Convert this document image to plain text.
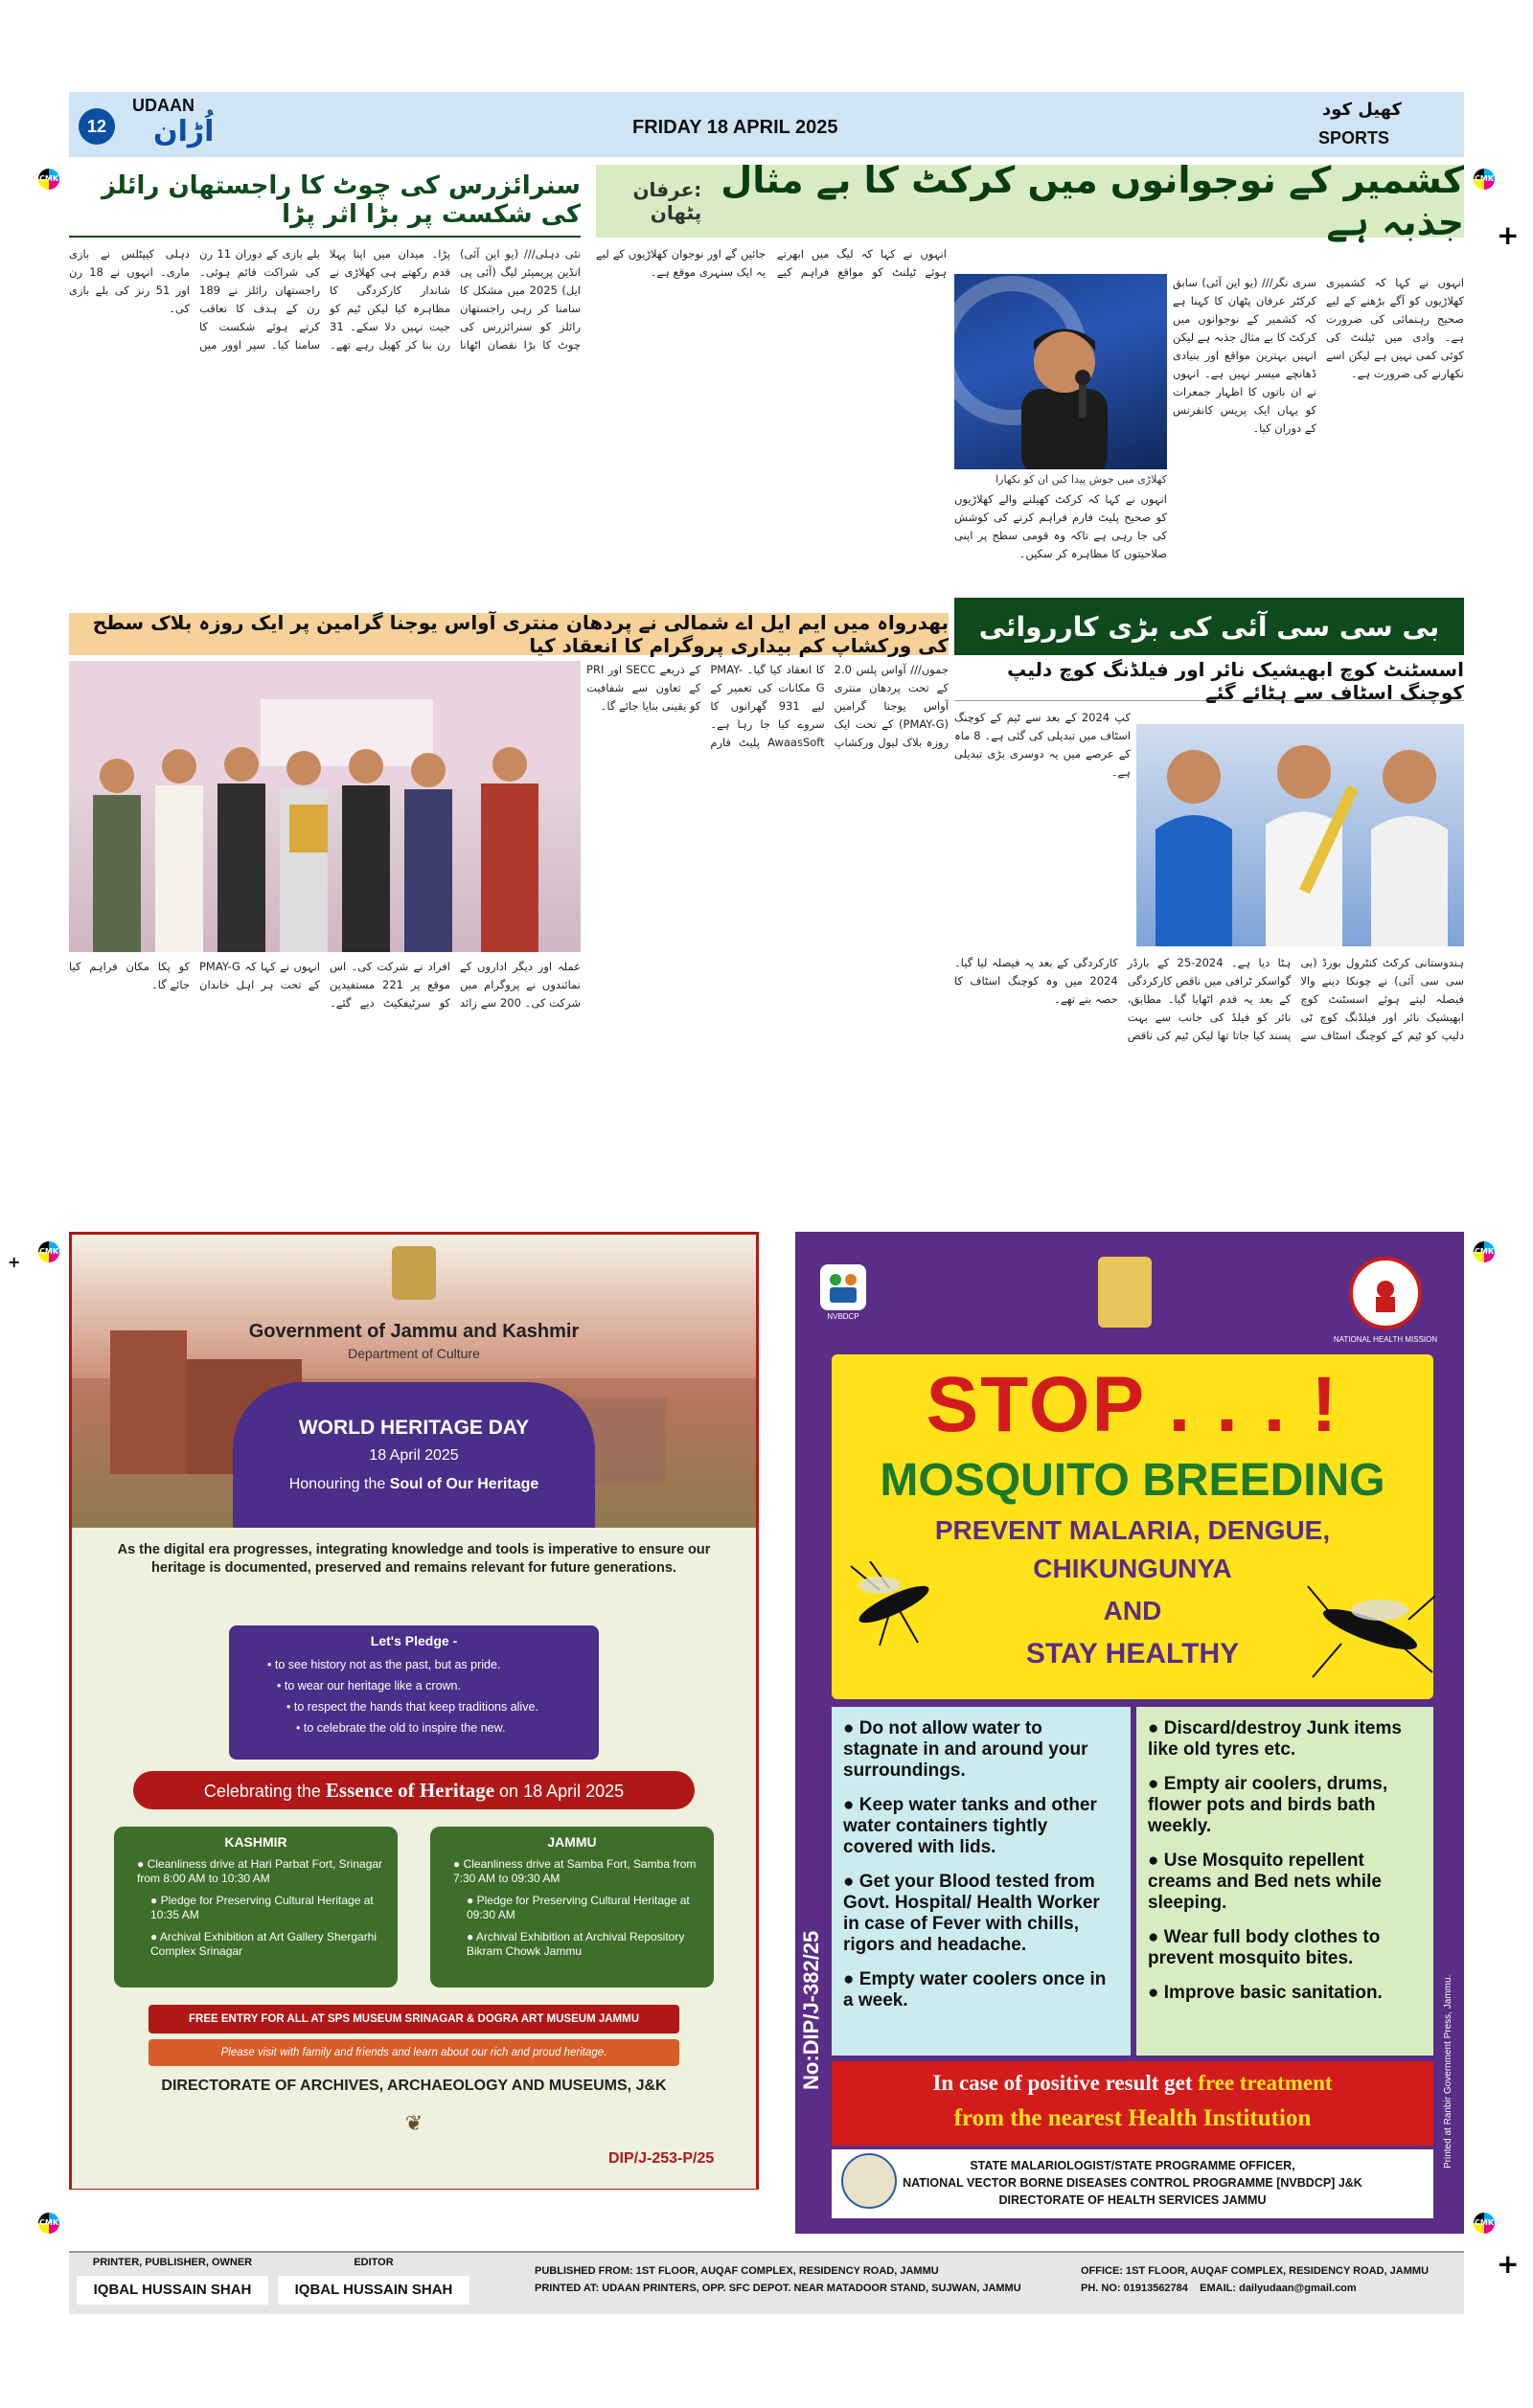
CMK	CMK
CMK	CMK
CMK	CMK
+
+
+
12
UDAAN
اُڑان	FRIDAY 18 APRIL 2025
کھیل کود
SPORTS
کشمیر کے نوجوانوں میں کرکٹ کا بے مثال جذبہ ہے
:عرفان پٹھان
کھلاڑی میں جوش پیدا کیں ان کو نکھارا
سری نگر/// (یو این آئی) سابق کرکٹر عرفان پٹھان کا کہنا ہے کہ کشمیر کے نوجوانوں میں کرکٹ کا بے مثال جذبہ ہے لیکن انہیں بہترین مواقع اور بنیادی ڈھانچے میسر نہیں ہے۔ انہوں نے ان باتوں کا اظہار جمعرات کو یہاں ایک پریس کانفرنس کے دوران کیا۔
انہوں نے کہا کہ کشمیری کھلاڑیوں کو آگے بڑھنے کے لیے صحیح رہنمائی کی ضرورت ہے۔ وادی میں ٹیلنٹ کی کوئی کمی نہیں ہے لیکن اسے نکھارنے کی ضرورت ہے۔
انہوں نے کہا کہ کرکٹ کھیلنے والے کھلاڑیوں کو صحیح پلیٹ فارم فراہم کرنے کی کوشش کی جا رہی ہے تاکہ وہ قومی سطح پر اپنی صلاحیتوں کا مظاہرہ کر سکیں۔
انہوں نے کہا کہ لیگ میں ابھرتے ہوئے ٹیلنٹ کو مواقع فراہم کیے جائیں گے اور نوجوان کھلاڑیوں کے لیے یہ ایک سنہری موقع ہے۔
سنرائزرس کی چوٹ کا راجستھان رائلز کی شکست پر بڑا اثر پڑا
نئی دہلی/// (یو این آئی) انڈین پریمیئر لیگ (آئی پی ایل) 2025 میں مشکل کا سامنا کر رہی راجستھان رائلز کو سنرائزرس کی چوٹ کا بڑا نقصان اٹھانا پڑا۔ میدان میں اپنا پہلا قدم رکھتے ہی کھلاڑی نے شاندار کارکردگی کا مظاہرہ کیا لیکن ٹیم کو جیت نہیں دلا سکے۔ 31 رن بنا کر کھیل رہے تھے۔ بلے بازی کے دوران 11 رن کی شراکت قائم ہوئی۔ راجستھان رائلز نے 189 رن کے ہدف کا تعاقب کرتے ہوئے شکست کا سامنا کیا۔ سپر اوور میں دہلی کیپٹلس نے بازی ماری۔ انہوں نے 18 رن اور 51 رنز کی بلے بازی کی۔
بھدرواہ میں ایم ایل اے شمالی نے پردھان منتری آواس یوجنا گرامین پر ایک روزہ بلاک سطح کی ورکشاپ کم بیداری پروگرام کا انعقاد کیا
عملہ اور دیگر اداروں کے نمائندوں نے پروگرام میں شرکت کی۔ 200 سے زائد افراد نے شرکت کی۔ اس موقع پر 221 مستفیدین کو سرٹیفکیٹ دیے گئے۔ انہوں نے کہا کہ PMAY-G کے تحت ہر اہل خاندان کو پکا مکان فراہم کیا جائے گا۔
جموں/// آواس پلس 2.0 کے تحت پردھان منتری آواس یوجنا گرامین (PMAY-G) کے تحت ایک روزہ بلاک لیول ورکشاپ کا انعقاد کیا گیا۔ PMAY-G مکانات کی تعمیر کے لیے 931 گھرانوں کا سروے کیا جا رہا ہے۔ AwaasSoft پلیٹ فارم کے ذریعے SECC اور PRI کے تعاون سے شفافیت کو یقینی بنایا جائے گا۔
بی سی سی آئی کی بڑی کارروائی
اسسٹنٹ کوچ ابھیشیک نائر اور فیلڈنگ کوچ دلیپ کوچنگ اسٹاف سے ہٹائے گئے
کپ 2024 کے بعد سے ٹیم کے کوچنگ اسٹاف میں تبدیلی کی گئی ہے۔ 8 ماہ کے عرصے میں یہ دوسری بڑی تبدیلی ہے۔
ہندوستانی کرکٹ کنٹرول بورڈ (بی سی سی آئی) نے چونکا دینے والا فیصلہ لیتے ہوئے اسسٹنٹ کوچ ابھیشیک نائر اور فیلڈنگ کوچ ٹی دلیپ کو ٹیم کے کوچنگ اسٹاف سے ہٹا دیا ہے۔ 2024-25 کے بارڈر گواسکر ٹرافی میں ناقص کارکردگی کے بعد یہ قدم اٹھایا گیا۔ مطابق، نائر کو فیلڈ کی جانب سے بہت پسند کیا جاتا تھا لیکن ٹیم کی ناقص کارکردگی کے بعد یہ فیصلہ لیا گیا۔ 2024 میں وہ کوچنگ اسٹاف کا حصہ بنے تھے۔
Government of Jammu and Kashmir
Department of Culture
WORLD HERITAGE DAY
18 April 2025
Honouring the Soul of Our Heritage
As the digital era progresses, integrating knowledge and tools is imperative to ensure our heritage is documented, preserved and remains relevant for future generations.
Let's Pledge -
• to see history not as the past, but as pride.
• to wear our heritage like a crown.
• to respect the hands that keep traditions alive.
• to celebrate the old to inspire the new.
Celebrating the Essence of Heritage on 18 April 2025
KASHMIR
● Cleanliness drive at Hari Parbat Fort, Srinagar from 8:00 AM to 10:30 AM
● Pledge for Preserving Cultural Heritage at 10:35 AM
● Archival Exhibition at Art Gallery Shergarhi Complex Srinagar
JAMMU
● Cleanliness drive at Samba Fort, Samba from 7:30 AM to 09:30 AM
● Pledge for Preserving Cultural Heritage at 09:30 AM
● Archival Exhibition at Archival Repository Bikram Chowk Jammu
FREE ENTRY FOR ALL AT SPS MUSEUM SRINAGAR & DOGRA ART MUSEUM JAMMU
Please visit with family and friends and learn about our rich and proud heritage.
DIRECTORATE OF ARCHIVES, ARCHAEOLOGY AND MUSEUMS, J&K
❦
DIP/J-253-P/25
NVBDCP
NATIONAL HEALTH MISSION
STOP . . . !
MOSQUITO BREEDING
PREVENT MALARIA, DENGUE,
CHIKUNGUNYA
AND
STAY HEALTHY
● Do not allow water to stagnate in and around your surroundings.
● Keep water tanks and other water containers tightly covered with lids.
● Get your Blood tested from Govt. Hospital/ Health Worker in case of Fever with chills, rigors and headache.
● Empty water coolers once in a week.
● Discard/destroy Junk items like old tyres etc.
● Empty air coolers, drums, flower pots and birds bath weekly.
● Use Mosquito repellent creams and Bed nets while sleeping.
● Wear full body clothes to prevent mosquito bites.
● Improve basic sanitation.
In case of positive result get free treatment
from the nearest Health Institution
STATE MALARIOLOGIST/STATE PROGRAMME OFFICER,
NATIONAL VECTOR BORNE DISEASES CONTROL PROGRAMME [NVBDCP] J&K
DIRECTORATE OF HEALTH SERVICES JAMMU
No:DIP/J-382/25	Printed at Ranbir Government Press, Jammu.
PRINTER, PUBLISHER, OWNER
IQBAL HUSSAIN SHAH
EDITOR
IQBAL HUSSAIN SHAH
PUBLISHED FROM: 1ST FLOOR, AUQAF COMPLEX, RESIDENCY ROAD, JAMMU
PRINTED AT: UDAAN PRINTERS, OPP. SFC DEPOT. NEAR MATADOOR STAND, SUJWAN, JAMMU
OFFICE: 1ST FLOOR, AUQAF COMPLEX, RESIDENCY ROAD, JAMMU
PH. NO: 01913562784 EMAIL: dailyudaan@gmail.com
